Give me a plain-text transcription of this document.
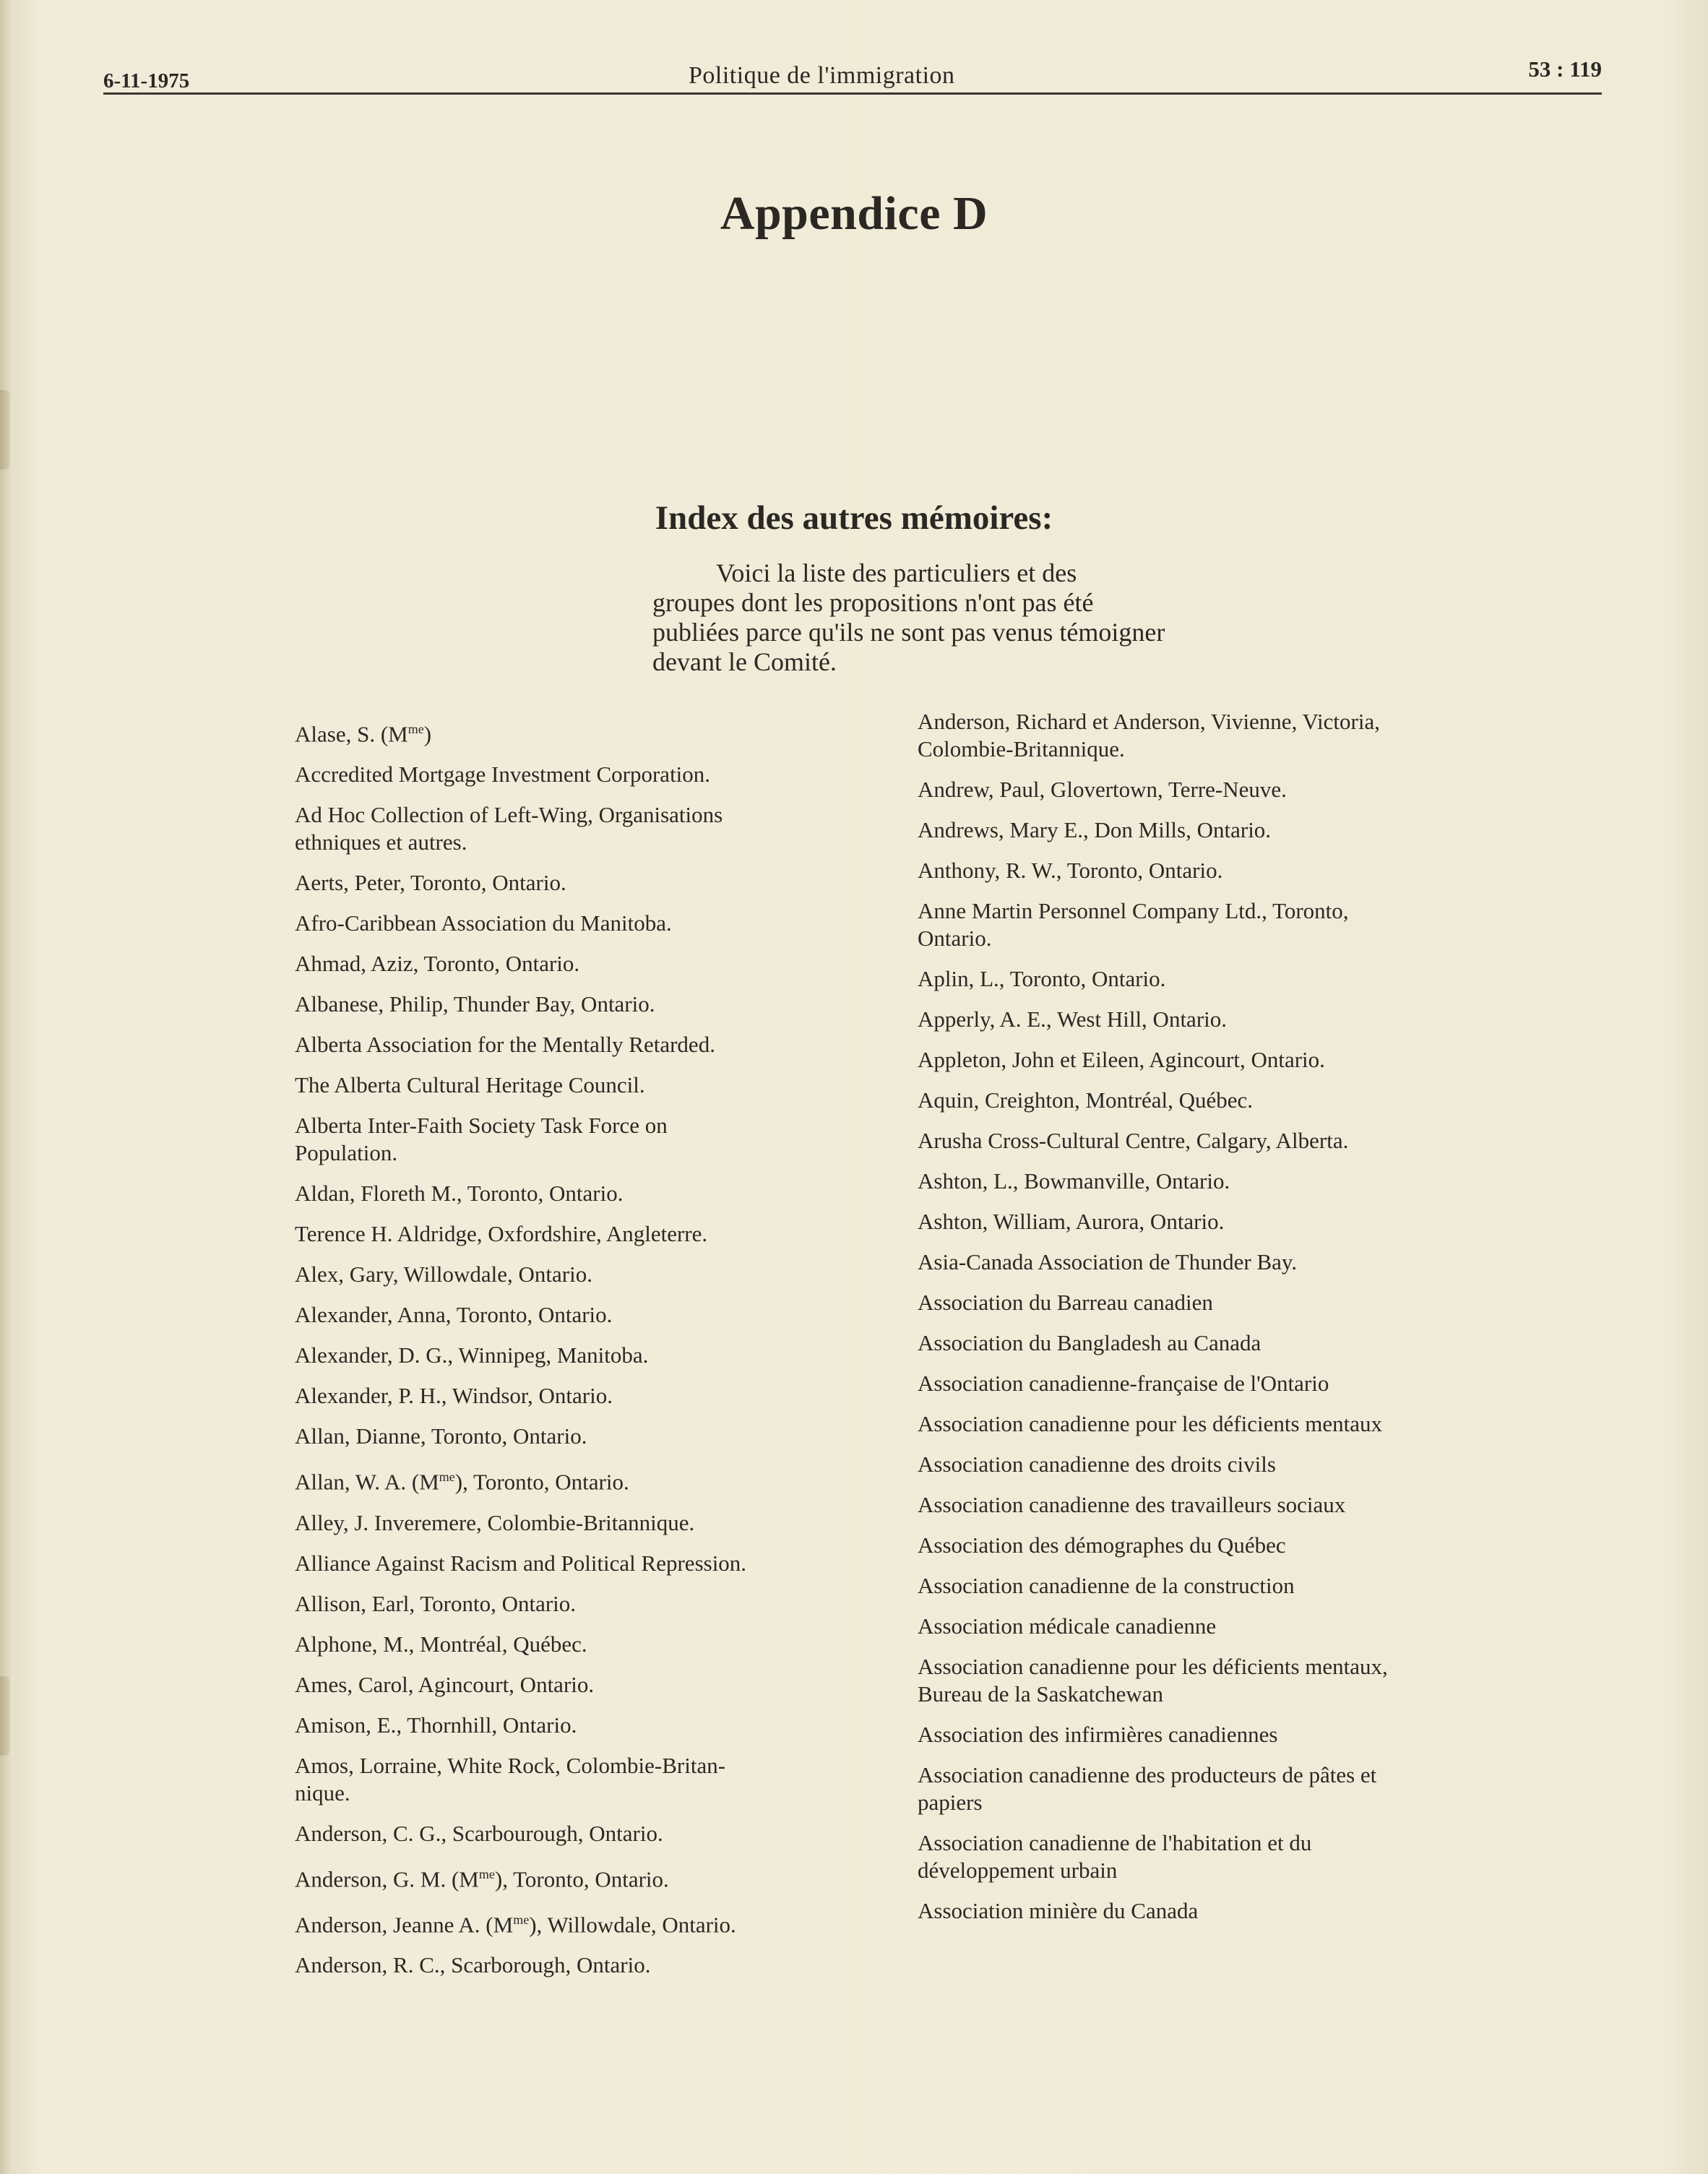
6-11-1975	Politique de l'immigration	53 : 119
Appendice D
Index des autres mémoires:
Voici la liste des particuliers et des
groupes dont les propositions n'ont pas été
publiées parce qu'ils ne sont pas venus témoigner
devant le Comité.
Alase, S. $(M^{me})$
Accredited Mortgage Investment Corporation.
Ad Hoc Collection of Left-Wing, Organisations
ethniques et autres.
Aerts, Peter, Toronto, Ontario.
Afro-Caribbean Association du Manitoba.
Ahmad, Aziz, Toronto, Ontario.
Albanese, Philip, Thunder Bay, Ontario.
Alberta Association for the Mentally Retarded.
The Alberta Cultural Heritage Council.
Alberta Inter-Faith Society Task Force on
Population.
Aldan, Floreth M., Toronto, Ontario.
Terence H. Aldridge, Oxfordshire, Angleterre.
Alex, Gary, Willowdale, Ontario.
Alexander, Anna, Toronto, Ontario.
Alexander, D. G., Winnipeg, Manitoba.
Alexander, P. H., Windsor, Ontario.
Allan, Dianne, Toronto, Ontario.
Allan, W. A. $(M^{me})$, Toronto, Ontario.
Alley, J. Inveremere, Colombie-Britannique.
Alliance Against Racism and Political Repression.
Allison, Earl, Toronto, Ontario.
Alphone, M., Montréal, Québec.
Ames, Carol, Agincourt, Ontario.
Amison, E., Thornhill, Ontario.
Amos, Lorraine, White Rock, Colombie-Britan-
nique.
Anderson, C. G., Scarbourough, Ontario.
Anderson, G. M. $(M^{me})$, Toronto, Ontario.
Anderson, Jeanne A. $(M^{me})$, Willowdale, Ontario.
Anderson, R. C., Scarborough, Ontario.
Anderson, Richard et Anderson, Vivienne, Victoria,
Colombie-Britannique.
Andrew, Paul, Glovertown, Terre-Neuve.
Andrews, Mary E., Don Mills, Ontario.
Anthony, R. W., Toronto, Ontario.
Anne Martin Personnel Company Ltd., Toronto,
Ontario.
Aplin, L., Toronto, Ontario.
Apperly, A. E., West Hill, Ontario.
Appleton, John et Eileen, Agincourt, Ontario.
Aquin, Creighton, Montréal, Québec.
Arusha Cross-Cultural Centre, Calgary, Alberta.
Ashton, L., Bowmanville, Ontario.
Ashton, William, Aurora, Ontario.
Asia-Canada Association de Thunder Bay.
Association du Barreau canadien
Association du Bangladesh au Canada
Association canadienne-française de l'Ontario
Association canadienne pour les déficients mentaux
Association canadienne des droits civils
Association canadienne des travailleurs sociaux
Association des démographes du Québec
Association canadienne de la construction
Association médicale canadienne
Association canadienne pour les déficients mentaux,
Bureau de la Saskatchewan
Association des infirmières canadiennes
Association canadienne des producteurs de pâtes et
papiers
Association canadienne de l'habitation et du
développement urbain
Association minière du Canada
